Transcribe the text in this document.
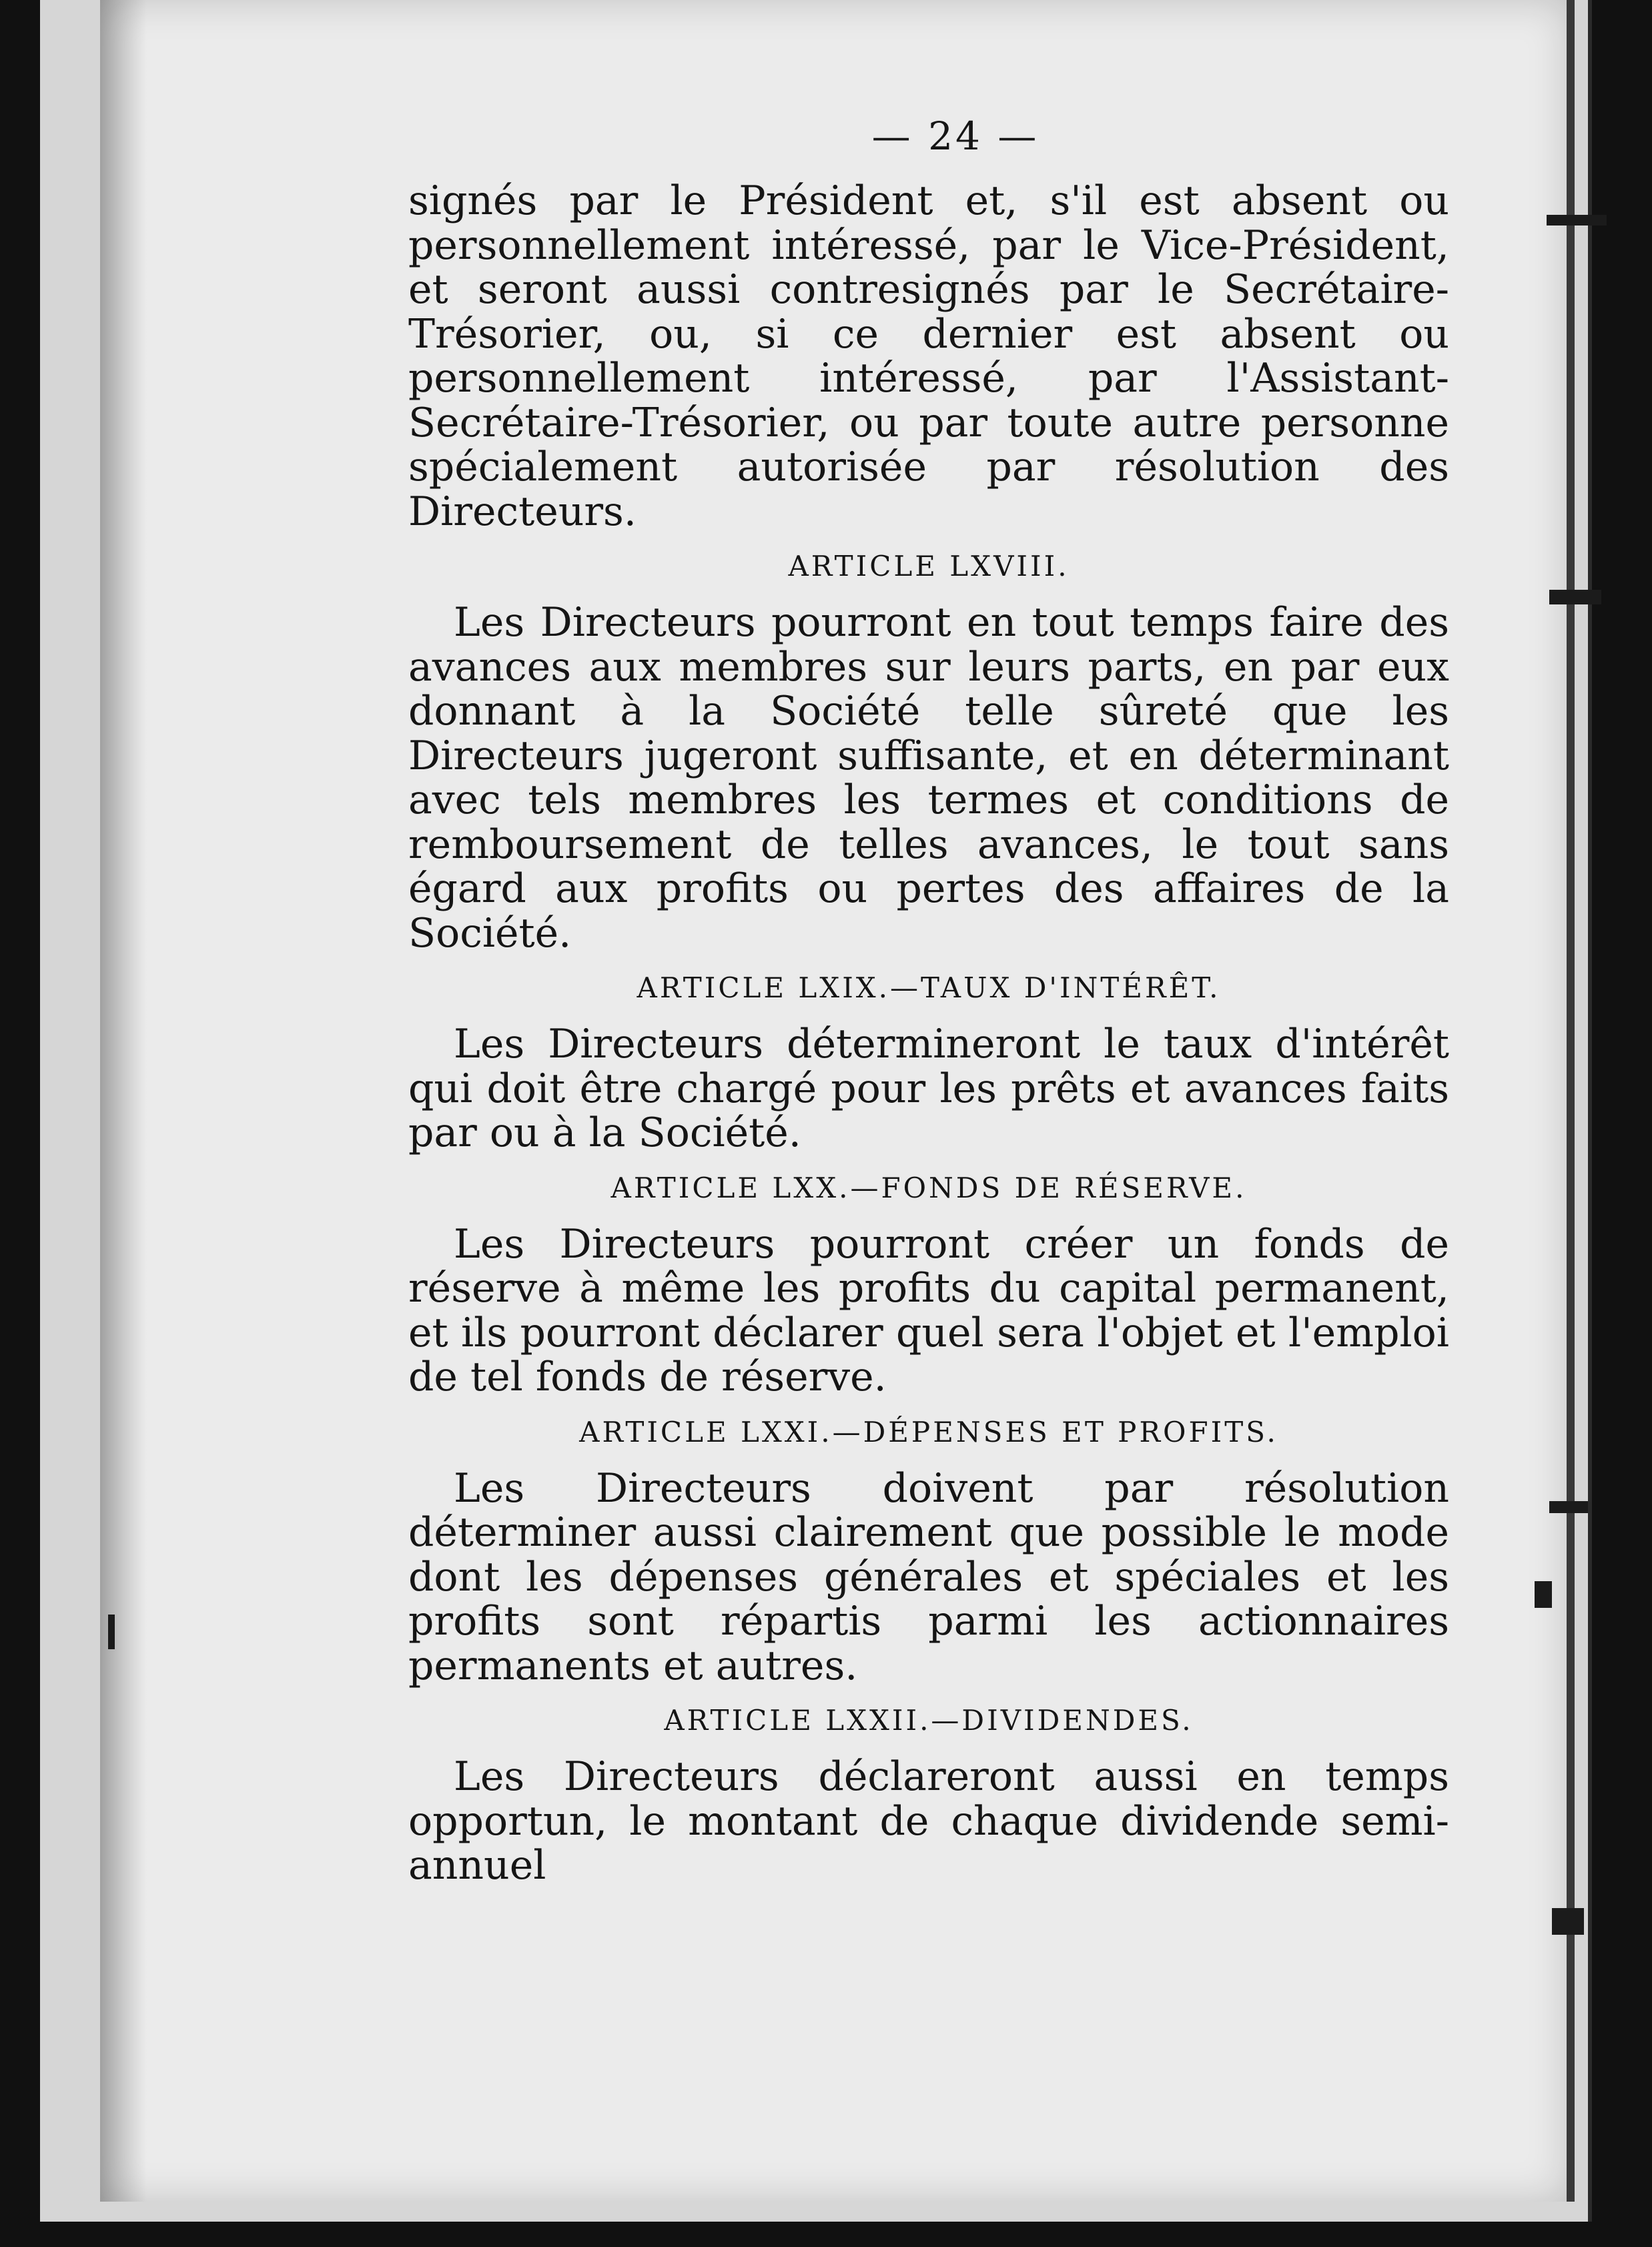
— 24 —

signés par le Président et, s'il est absent ou personnellement intéressé, par le Vice-Président, et seront aussi contresignés par le Secrétaire-Trésorier, ou, si ce dernier est absent ou personnellement intéressé, par l'Assistant-Secrétaire-Trésorier, ou par toute autre personne spécialement autorisée par résolution des Directeurs.

ARTICLE LXVIII.

Les Directeurs pourront en tout temps faire des avances aux membres sur leurs parts, en par eux donnant à la Société telle sûreté que les Directeurs jugeront suffisante, et en déterminant avec tels membres les termes et conditions de remboursement de telles avances, le tout sans égard aux profits ou pertes des affaires de la Société.

ARTICLE LXIX.—TAUX D'INTÉRÊT.

Les Directeurs détermineront le taux d'intérêt qui doit être chargé pour les prêts et avances faits par ou à la Société.

ARTICLE LXX.—FONDS DE RÉSERVE.

Les Directeurs pourront créer un fonds de réserve à même les profits du capital permanent, et ils pourront déclarer quel sera l'objet et l'emploi de tel fonds de réserve.

ARTICLE LXXI.—DÉPENSES ET PROFITS.

Les Directeurs doivent par résolution déterminer aussi clairement que possible le mode dont les dépenses générales et spéciales et les profits sont répartis parmi les actionnaires permanents et autres.

ARTICLE LXXII.—DIVIDENDES.

Les Directeurs déclareront aussi en temps opportun, le montant de chaque dividende semi-annuel
